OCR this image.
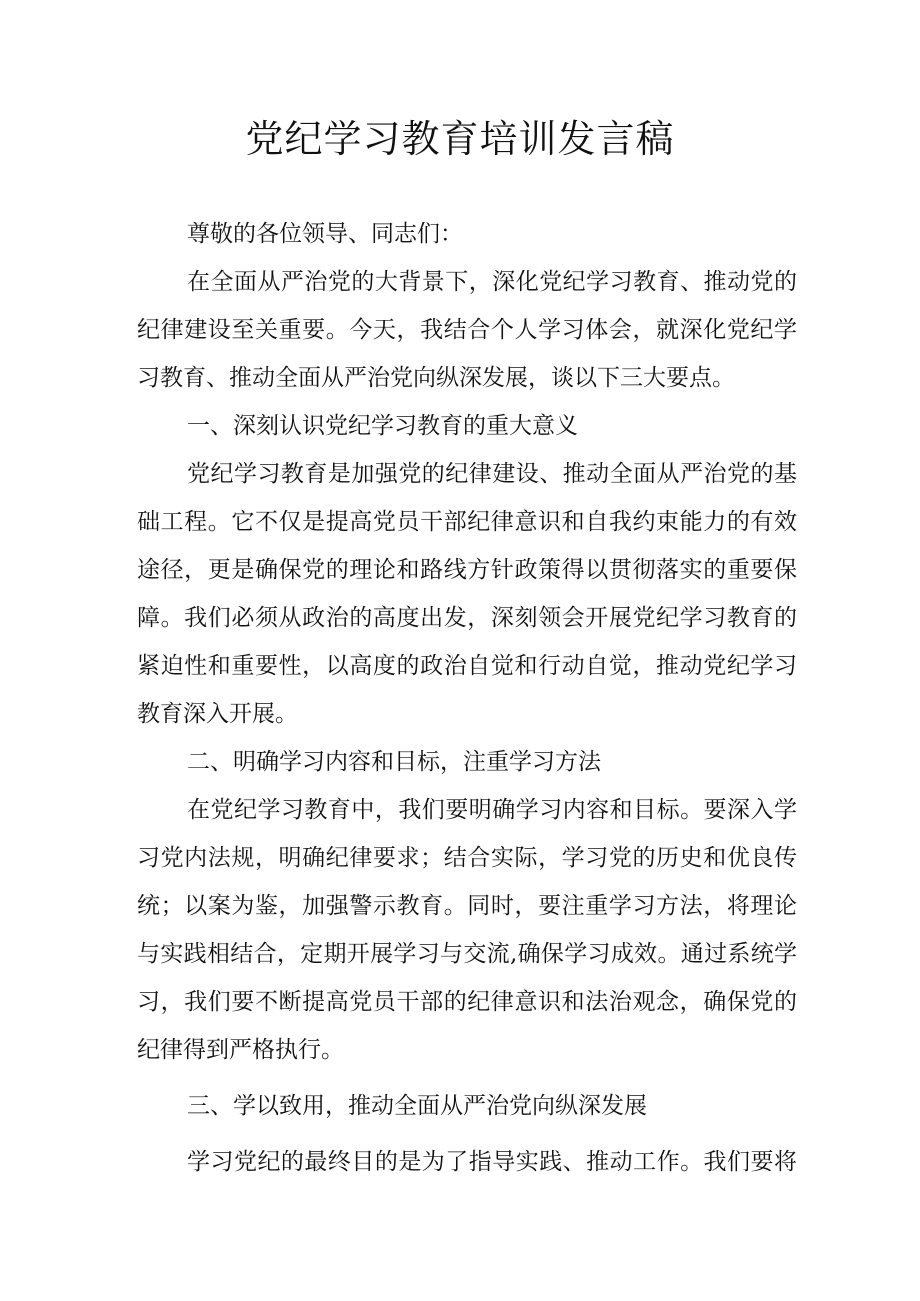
党纪学习教育培训发言稿
尊敬的各位领导、同志们：
在全面从严治党的大背景下，深化党纪学习教育、推动党的
纪律建设至关重要。今天，我结合个人学习体会，就深化党纪学
习教育、推动全面从严治党向纵深发展，谈以下三大要点。
一、深刻认识党纪学习教育的重大意义
党纪学习教育是加强党的纪律建设、推动全面从严治党的基
础工程。它不仅是提高党员干部纪律意识和自我约束能力的有效
途径，更是确保党的理论和路线方针政策得以贯彻落实的重要保
障。我们必须从政治的高度出发，深刻领会开展党纪学习教育的
紧迫性和重要性，以高度的政治自觉和行动自觉，推动党纪学习
教育深入开展。
二、明确学习内容和目标，注重学习方法
在党纪学习教育中，我们要明确学习内容和目标。要深入学
习党内法规，明确纪律要求；结合实际，学习党的历史和优良传
统；以案为鉴，加强警示教育。同时，要注重学习方法，将理论
与实践相结合，定期开展学习与交流,确保学习成效。通过系统学
习，我们要不断提高党员干部的纪律意识和法治观念，确保党的
纪律得到严格执行。
三、学以致用，推动全面从严治党向纵深发展
学习党纪的最终目的是为了指导实践、推动工作。我们要将
